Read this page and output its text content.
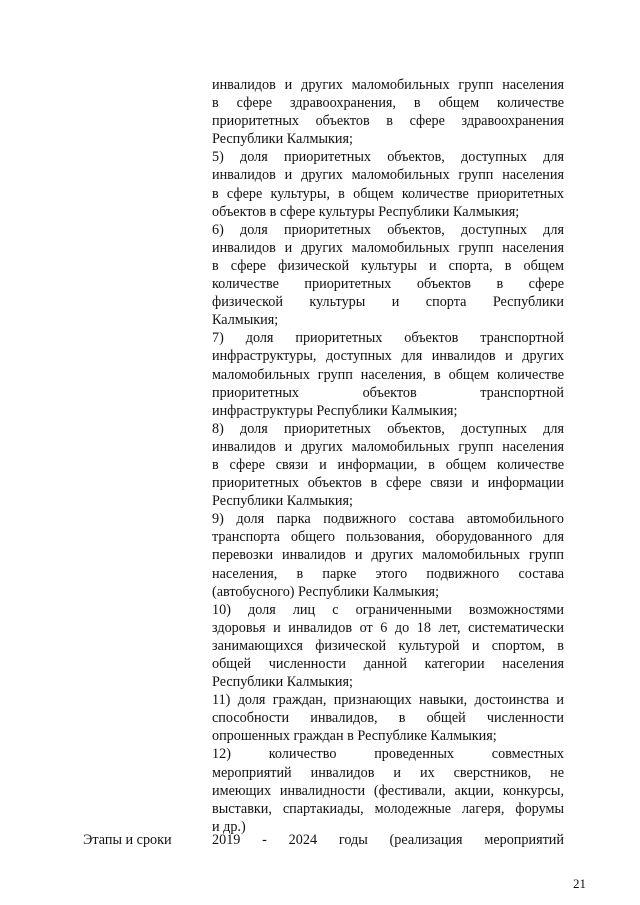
инвалидов и других маломобильных групп населения
в сфере здравоохранения, в общем количестве
приоритетных объектов в сфере здравоохранения
Республики Калмыкия;
5) доля приоритетных объектов, доступных для
инвалидов и других маломобильных групп населения
в сфере культуры, в общем количестве приоритетных
объектов в сфере культуры Республики Калмыкия;
6) доля приоритетных объектов, доступных для
инвалидов и других маломобильных групп населения
в сфере физической культуры и спорта, в общем
количестве приоритетных объектов в сфере
физической культуры и спорта Республики
Калмыкия;
7) доля приоритетных объектов транспортной
инфраструктуры, доступных для инвалидов и других
маломобильных групп населения, в общем количестве
приоритетных объектов транспортной
инфраструктуры Республики Калмыкия;
8) доля приоритетных объектов, доступных для
инвалидов и других маломобильных групп населения
в сфере связи и информации, в общем количестве
приоритетных объектов в сфере связи и информации
Республики Калмыкия;
9) доля парка подвижного состава автомобильного
транспорта общего пользования, оборудованного для
перевозки инвалидов и других маломобильных групп
населения, в парке этого подвижного состава
(автобусного) Республики Калмыкия;
10) доля лиц с ограниченными возможностями
здоровья и инвалидов от 6 до 18 лет, систематически
занимающихся физической культурой и спортом, в
общей численности данной категории населения
Республики Калмыкия;
11) доля граждан, признающих навыки, достоинства и
способности инвалидов, в общей численности
опрошенных граждан в Республике Калмыкия;
12) количество проведенных совместных
мероприятий инвалидов и их сверстников, не
имеющих инвалидности (фестивали, акции, конкурсы,
выставки, спартакиады, молодежные лагеря, форумы
и др.)
Этапы и сроки	2019 - 2024 годы (реализация мероприятий
21
